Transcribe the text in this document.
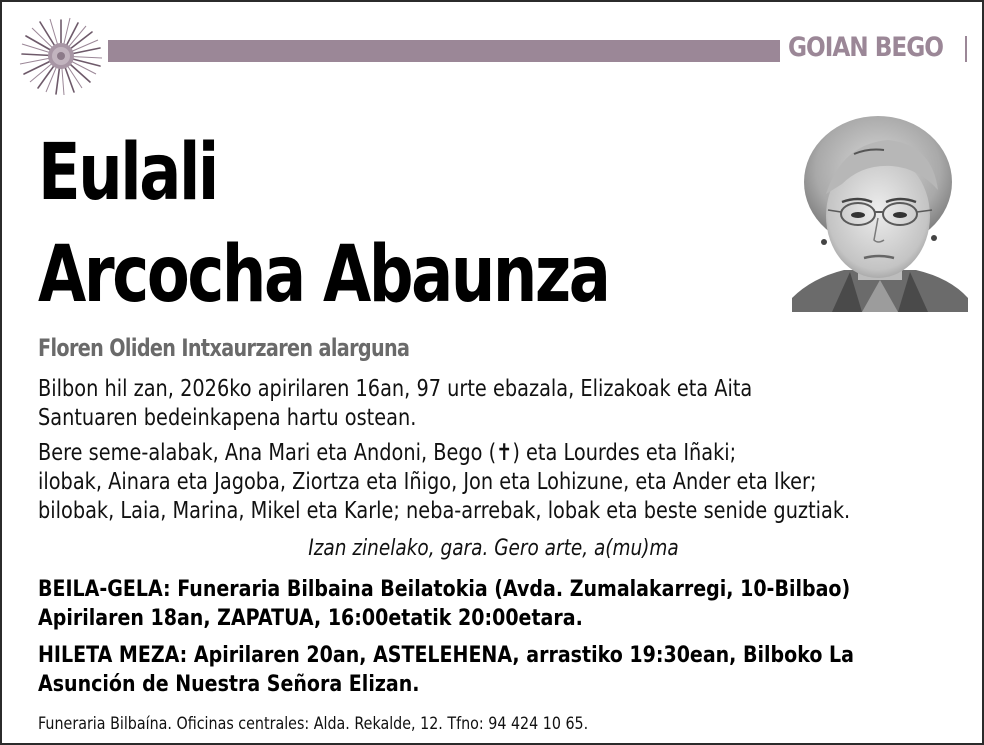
GOIAN BEGO
Eulali
Arcocha Abaunza
Floren Oliden Intxaurzaren alarguna
Bilbon hil zan, 2026ko apirilaren 16an, 97 urte ebazala, Elizakoak eta Aita
Santuaren bedeinkapena hartu ostean.
Bere seme-alabak, Ana Mari eta Andoni, Bego (✝) eta Lourdes eta Iñaki;
ilobak, Ainara eta Jagoba, Ziortza eta Iñigo, Jon eta Lohizune, eta Ander eta Iker;
bilobak, Laia, Marina, Mikel eta Karle; neba-arrebak, lobak eta beste senide guztiak.
Izan zinelako, gara. Gero arte, a(mu)ma
BEILA-GELA: Funeraria Bilbaina Beilatokia (Avda. Zumalakarregi, 10-Bilbao)
Apirilaren 18an, ZAPATUA, 16:00etatik 20:00etara.
HILETA MEZA: Apirilaren 20an, ASTELEHENA, arrastiko 19:30ean, Bilboko La
Asunción de Nuestra Señora Elizan.
Funeraria Bilbaína. Oficinas centrales: Alda. Rekalde, 12. Tfno: 94 424 10 65.
